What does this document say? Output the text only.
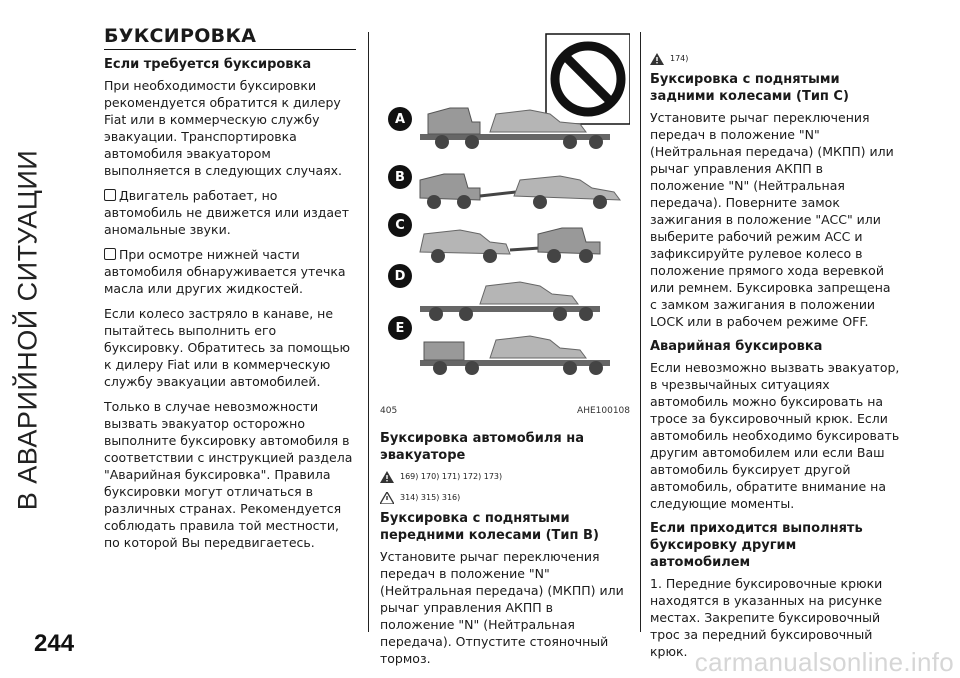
В АВАРИЙНОЙ СИТУАЦИИ
БУКСИРОВКА
Если требуется буксировка

При необходимости буксировки рекомендуется обратится к дилеру Fiat или в коммерческую службу эвакуации. Транспортировка автомобиля эвакуатором выполняется в следующих случаях.

Двигатель работает, но автомобиль не движется или издает аномальные звуки.

При осмотре нижней части автомобиля обнаруживается утечка масла или других жидкостей.

Если колесо застряло в канаве, не пытайтесь выполнить его буксировку. Обратитесь за помощью к дилеру Fiat или в коммерческую службу эвакуации автомобилей.

Только в случае невозможности вызвать эвакуатор осторожно выполните буксировку автомобиля в соответствии с инструкцией раздела "Аварийная буксировка". Правила буксировки могут отличаться в различных странах. Рекомендуется соблюдать правила той местности, по которой Вы передвигаетесь.

A
B
C
D
E
405	AHE100108
Буксировка автомобиля на эвакуаторе
169) 170) 171) 172) 173)
314) 315) 316)
Буксировка с поднятыми передними колесами (Тип B)

Установите рычаг переключения передач в положение "N" (Нейтральная передача) (МКПП) или рычаг управления АКПП в положение "N" (Нейтральная передача). Отпустите стояночный тормоз.

174)
Буксировка с поднятыми задними колесами (Тип C)

Установите рычаг переключения передач в положение "N" (Нейтральная передача) (МКПП) или рычаг управления АКПП в положение "N" (Нейтральная передача). Поверните замок зажигания в положение "ACC" или выберите рабочий режим ACC и зафиксируйте рулевое колесо в положение прямого хода веревкой или ремнем. Буксировка запрещена с замком зажигания в положении LOCK или в рабочем режиме OFF.

Аварийная буксировка

Если невозможно вызвать эвакуатор, в чрезвычайных ситуациях автомобиль можно буксировать на тросе за буксировочный крюк. Если автомобиль необходимо буксировать другим автомобилем или если Ваш автомобиль буксирует другой автомобиль, обратите внимание на следующие моменты.

Если приходится выполнять буксировку другим автомобилем

1. Передние буксировочные крюки находятся в указанных на рисунке местах. Закрепите буксировочный трос за передний буксировочный крюк.

244
carmanualsonline.info
